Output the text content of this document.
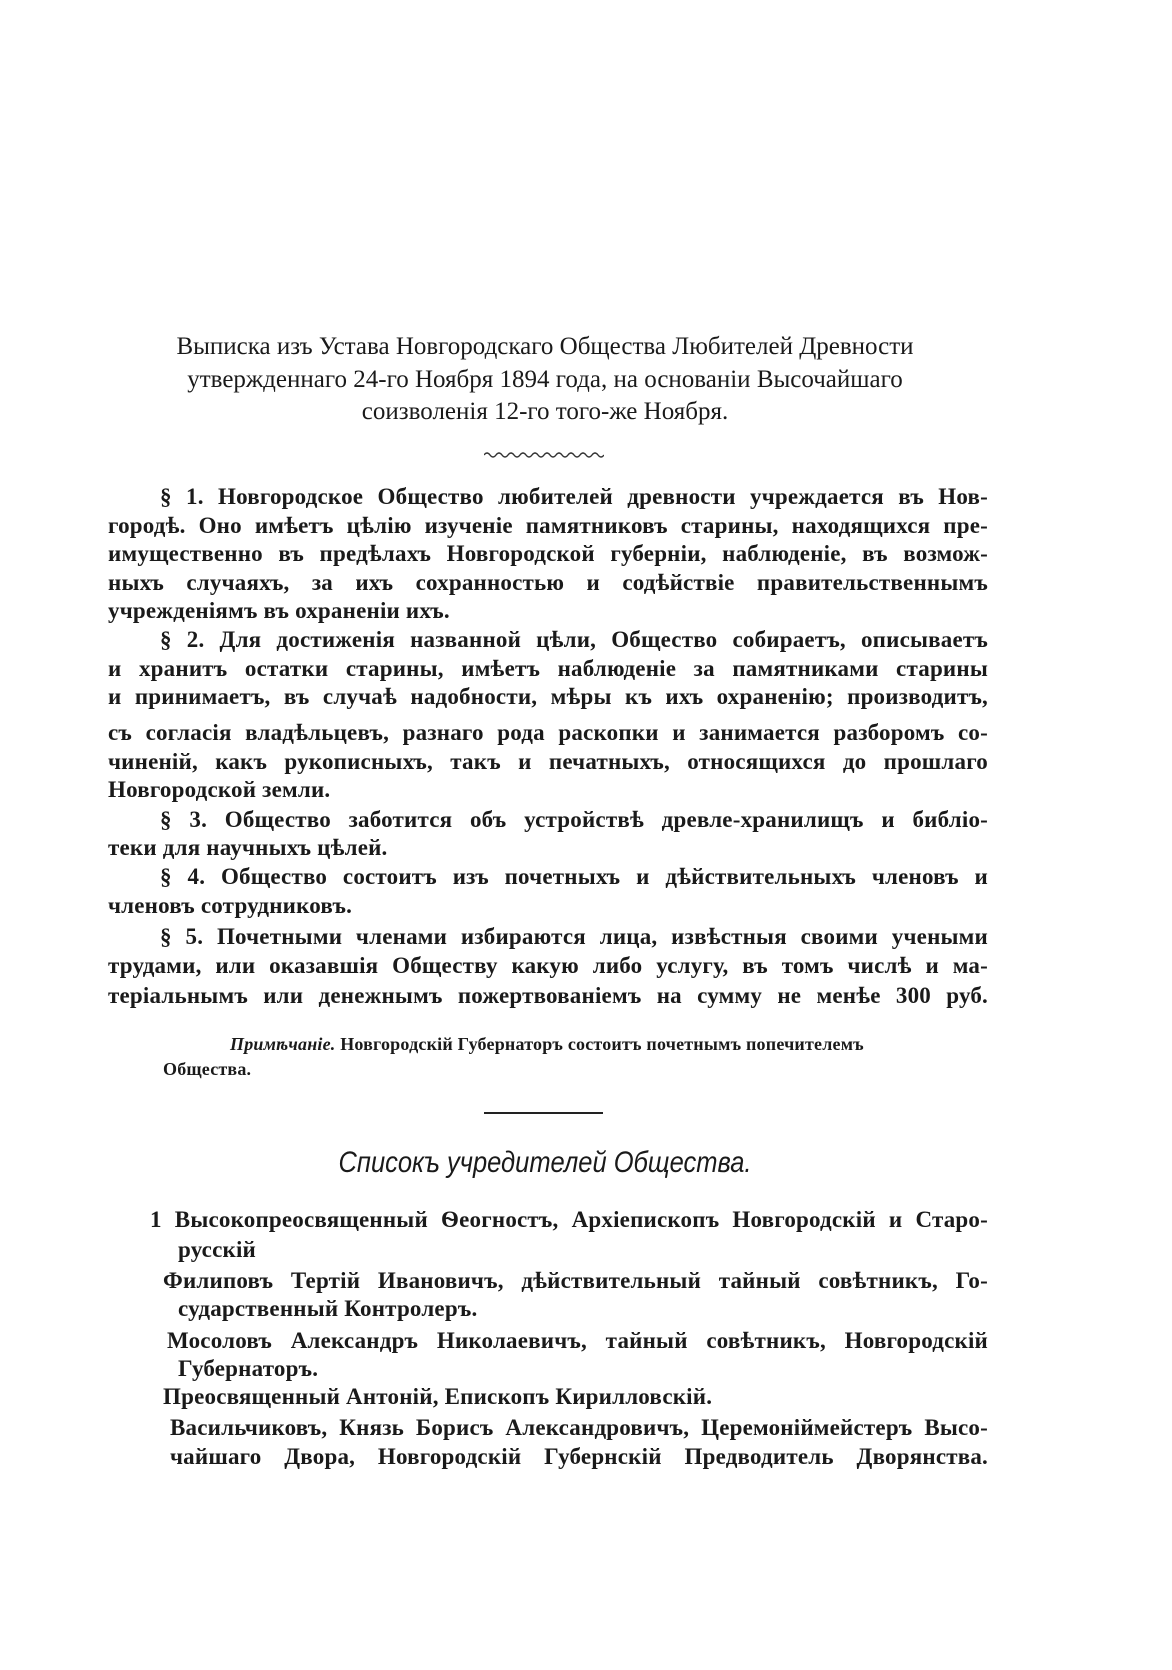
Выписка изъ Устава Новгородскаго Общества Любителей Древности
утвержденнаго 24-го Ноября 1894 года, на основаніи Высочайшаго
соизволенія 12-го того-же Ноября.
§ 1. Новгородское Общество любителей древности учреждается въ Нов-
городѣ. Оно имѣетъ цѣлію изученіе памятниковъ старины, находящихся пре-
имущественно въ предѣлахъ Новгородской губерніи, наблюденіе, въ возмож-
ныхъ случаяхъ, за ихъ сохранностью и содѣйствіе правительственнымъ
учрежденіямъ въ охраненіи ихъ.
§ 2. Для достиженія названной цѣли, Общество собираетъ, описываетъ
и хранитъ остатки старины, имѣетъ наблюденіе за памятниками старины
и принимаетъ, въ случаѣ надобности, мѣры къ ихъ охраненію; производитъ,
съ согласія владѣльцевъ, разнаго рода раскопки и занимается разборомъ со-
чиненій, какъ рукописныхъ, такъ и печатныхъ, относящихся до прошлаго
Новгородской земли.
§ 3. Общество заботится объ устройствѣ древле-хранилищъ и библіо-
теки для научныхъ цѣлей.
§ 4. Общество состоитъ изъ почетныхъ и дѣйствительныхъ членовъ и
членовъ сотрудниковъ.
§ 5. Почетными членами избираются лица, извѣстныя своими учеными
трудами, или оказавшія Обществу какую либо услугу, въ томъ числѣ и ма-
теріальнымъ или денежнымъ пожертвованіемъ на сумму не менѣе 300 руб.
Примѣчаніе. Новгородскій Губернаторъ состоитъ почетнымъ попечителемъ
Общества.
Списокъ учредителей Общества.
1 Высокопреосвященный Ѳеогностъ, Архіепископъ Новгородскій и Старо-
русскій
Филиповъ Тертій Ивановичъ, дѣйствительный тайный совѣтникъ, Го-
сударственный Контролеръ.
Мосоловъ Александръ Николаевичъ, тайный совѣтникъ, Новгородскій
Губернаторъ.
Преосвященный Антоній, Епископъ Кирилловскій.
Васильчиковъ, Князь Борисъ Александровичъ, Церемоніймейстеръ Высо-
чайшаго Двора, Новгородскій Губернскій Предводитель Дворянства.
